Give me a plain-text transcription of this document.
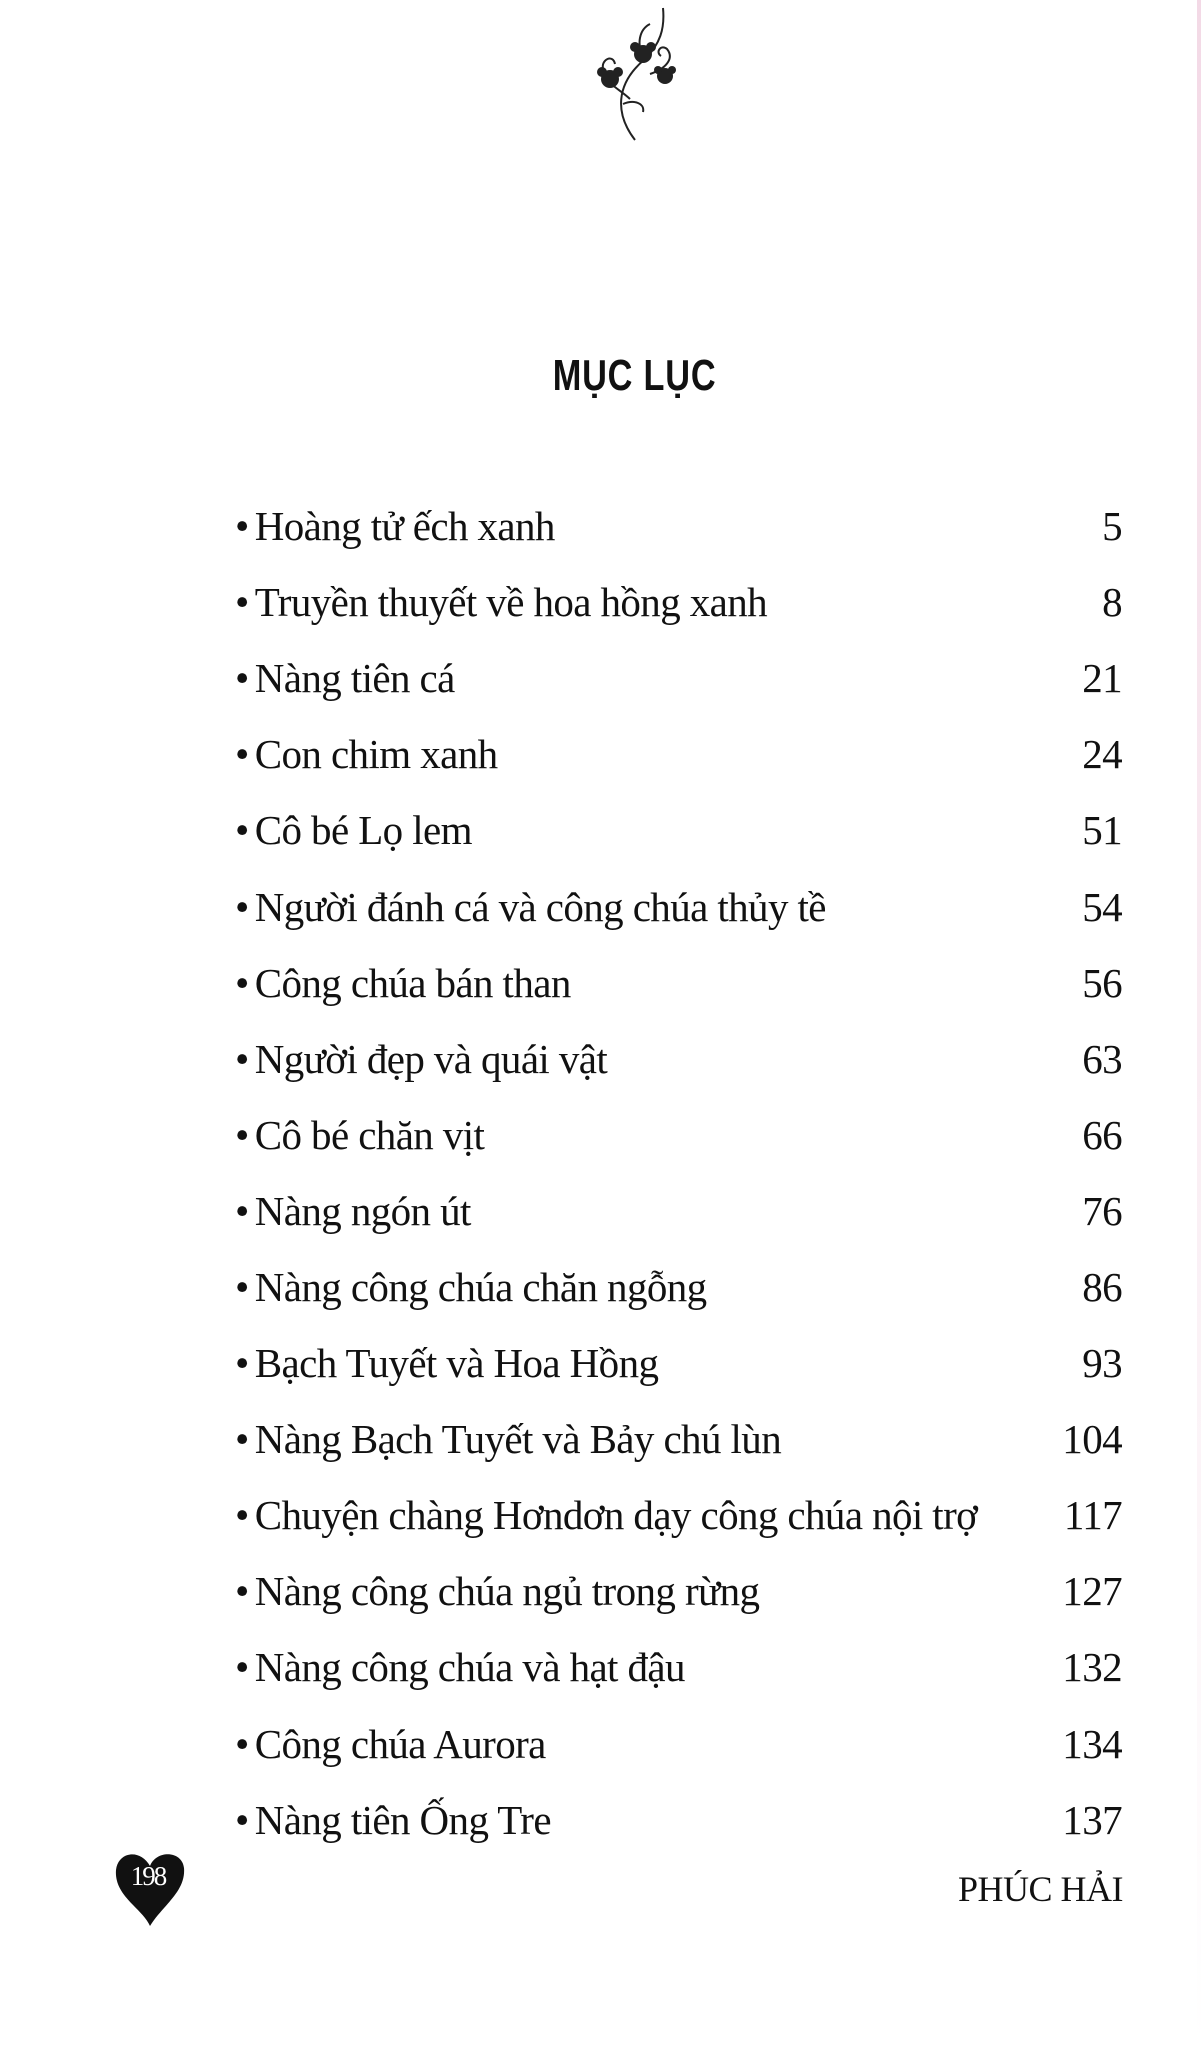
MỤC LỤC
• Hoàng tử ếch xanh	5
• Truyền thuyết về hoa hồng xanh	8
• Nàng tiên cá	21
• Con chim xanh	24
• Cô bé Lọ lem	51
• Người đánh cá và công chúa thủy tề	54
• Công chúa bán than	56
• Người đẹp và quái vật	63
• Cô bé chăn vịt	66
• Nàng ngón út	76
• Nàng công chúa chăn ngỗng	86
• Bạch Tuyết và Hoa Hồng	93
• Nàng Bạch Tuyết và Bảy chú lùn	104
• Chuyện chàng Hơndơn dạy công chúa nội trợ 117
• Nàng công chúa ngủ trong rừng	127
• Nàng công chúa và hạt đậu	132
• Công chúa Aurora	134
• Nàng tiên Ống Tre	137
198	PHÚC HẢI
